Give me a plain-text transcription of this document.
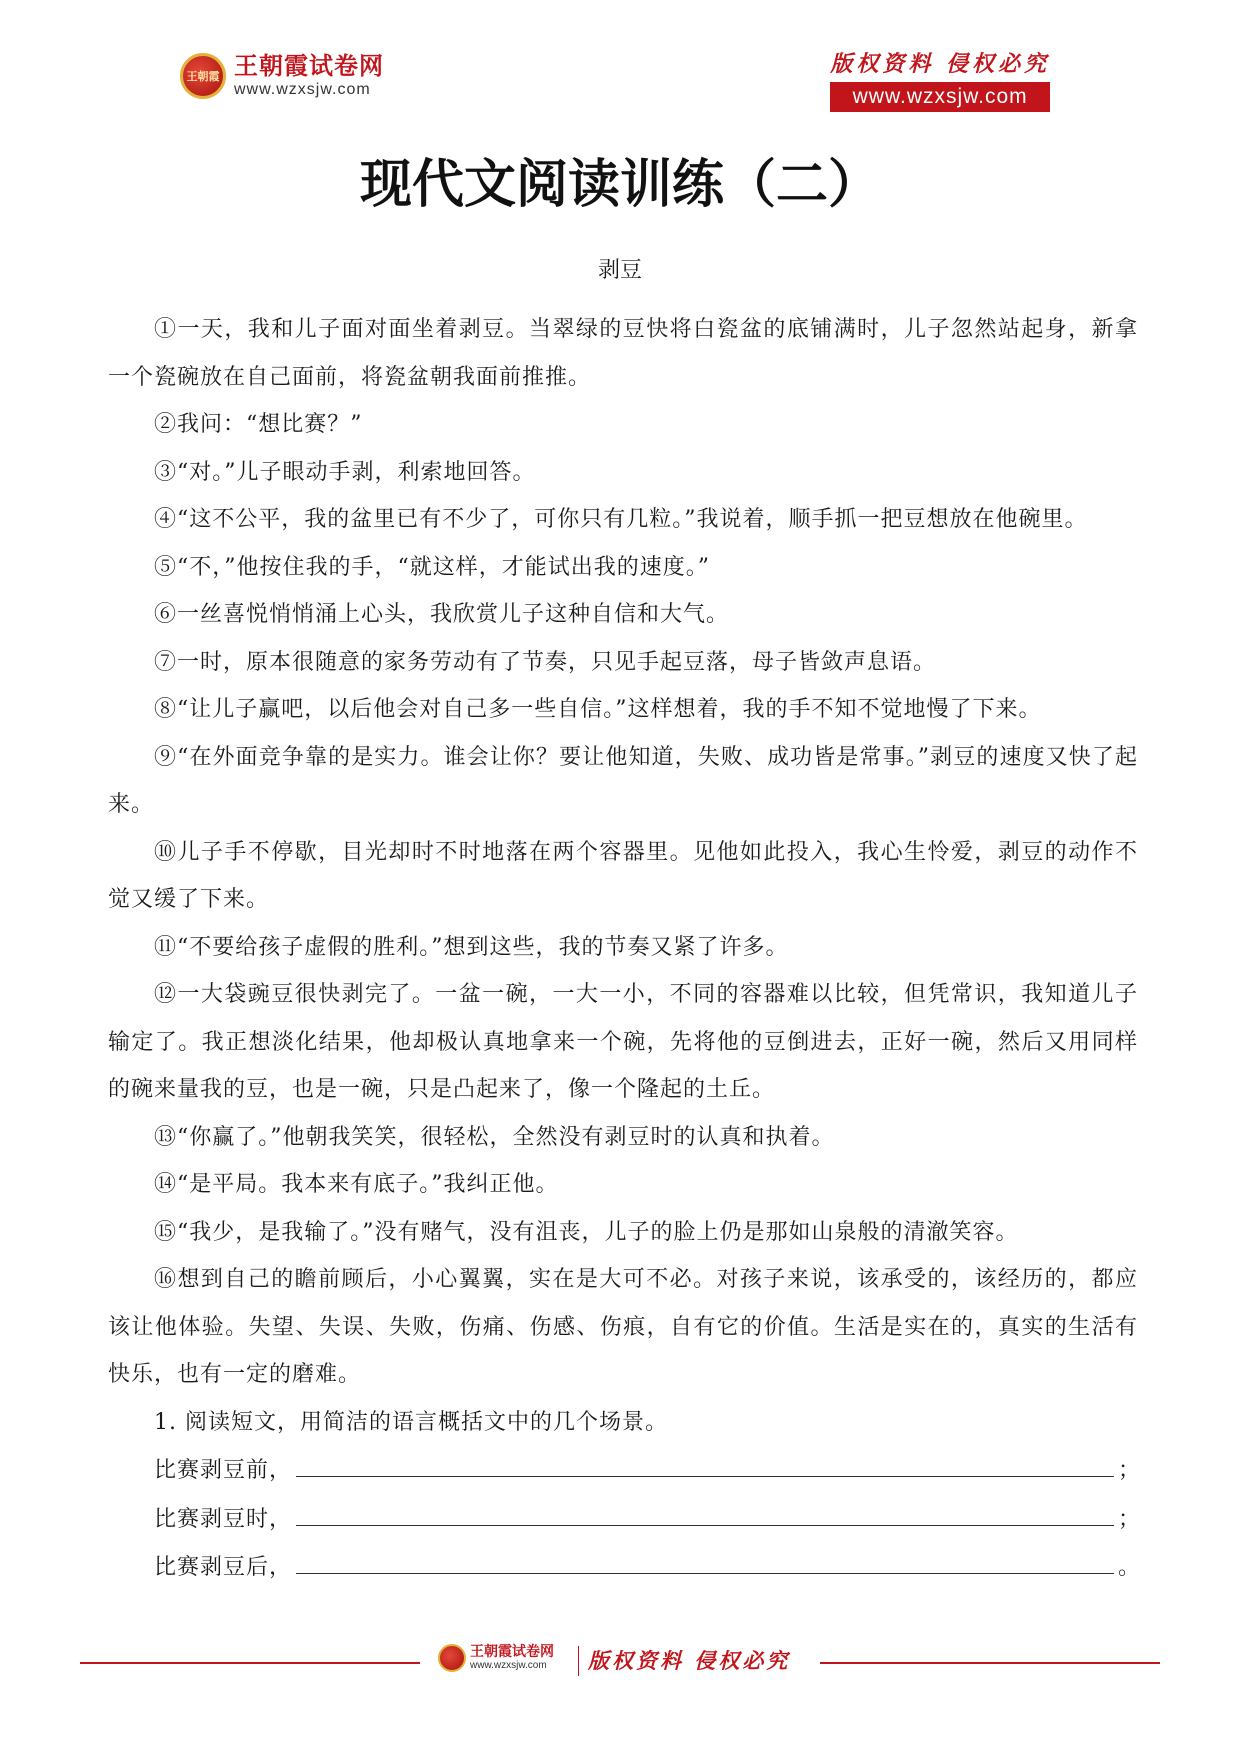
王朝霞 王朝霞试卷网
www.wzxsjw.com
版权资料 侵权必究
www.wzxsjw.com
现代文阅读训练（二）
剥豆

①一天，我和儿子面对面坐着剥豆。当翠绿的豆快将白瓷盆的底铺满时，儿子忽然站起身，新拿一个瓷碗放在自己面前，将瓷盆朝我面前推推。

②我问：“想比赛？”

③“对。”儿子眼动手剥，利索地回答。

④“这不公平，我的盆里已有不少了，可你只有几粒。”我说着，顺手抓一把豆想放在他碗里。

⑤“不，”他按住我的手，“就这样，才能试出我的速度。”

⑥一丝喜悦悄悄涌上心头，我欣赏儿子这种自信和大气。

⑦一时，原本很随意的家务劳动有了节奏，只见手起豆落，母子皆敛声息语。

⑧“让儿子赢吧，以后他会对自己多一些自信。”这样想着，我的手不知不觉地慢了下来。

⑨“在外面竞争靠的是实力。谁会让你？要让他知道，失败、成功皆是常事。”剥豆的速度又快了起来。

⑩儿子手不停歇，目光却时不时地落在两个容器里。见他如此投入，我心生怜爱，剥豆的动作不觉又缓了下来。

⑪“不要给孩子虚假的胜利。”想到这些，我的节奏又紧了许多。

⑫一大袋豌豆很快剥完了。一盆一碗，一大一小，不同的容器难以比较，但凭常识，我知道儿子输定了。我正想淡化结果，他却极认真地拿来一个碗，先将他的豆倒进去，正好一碗，然后又用同样的碗来量我的豆，也是一碗，只是凸起来了，像一个隆起的土丘。

⑬“你赢了。”他朝我笑笑，很轻松，全然没有剥豆时的认真和执着。

⑭“是平局。我本来有底子。”我纠正他。

⑮“我少，是我输了。”没有赌气，没有沮丧，儿子的脸上仍是那如山泉般的清澈笑容。

⑯想到自己的瞻前顾后，小心翼翼，实在是大可不必。对孩子来说，该承受的，该经历的，都应该让他体验。失望、失误、失败，伤痛、伤感、伤痕，自有它的价值。生活是实在的，真实的生活有快乐，也有一定的磨难。

1. 阅读短文，用简洁的语言概括文中的几个场景。

比赛剥豆前，	；
比赛剥豆时，	；
比赛剥豆后，	。
王朝霞试卷网
www.wzxsjw.com	版权资料 侵权必究
